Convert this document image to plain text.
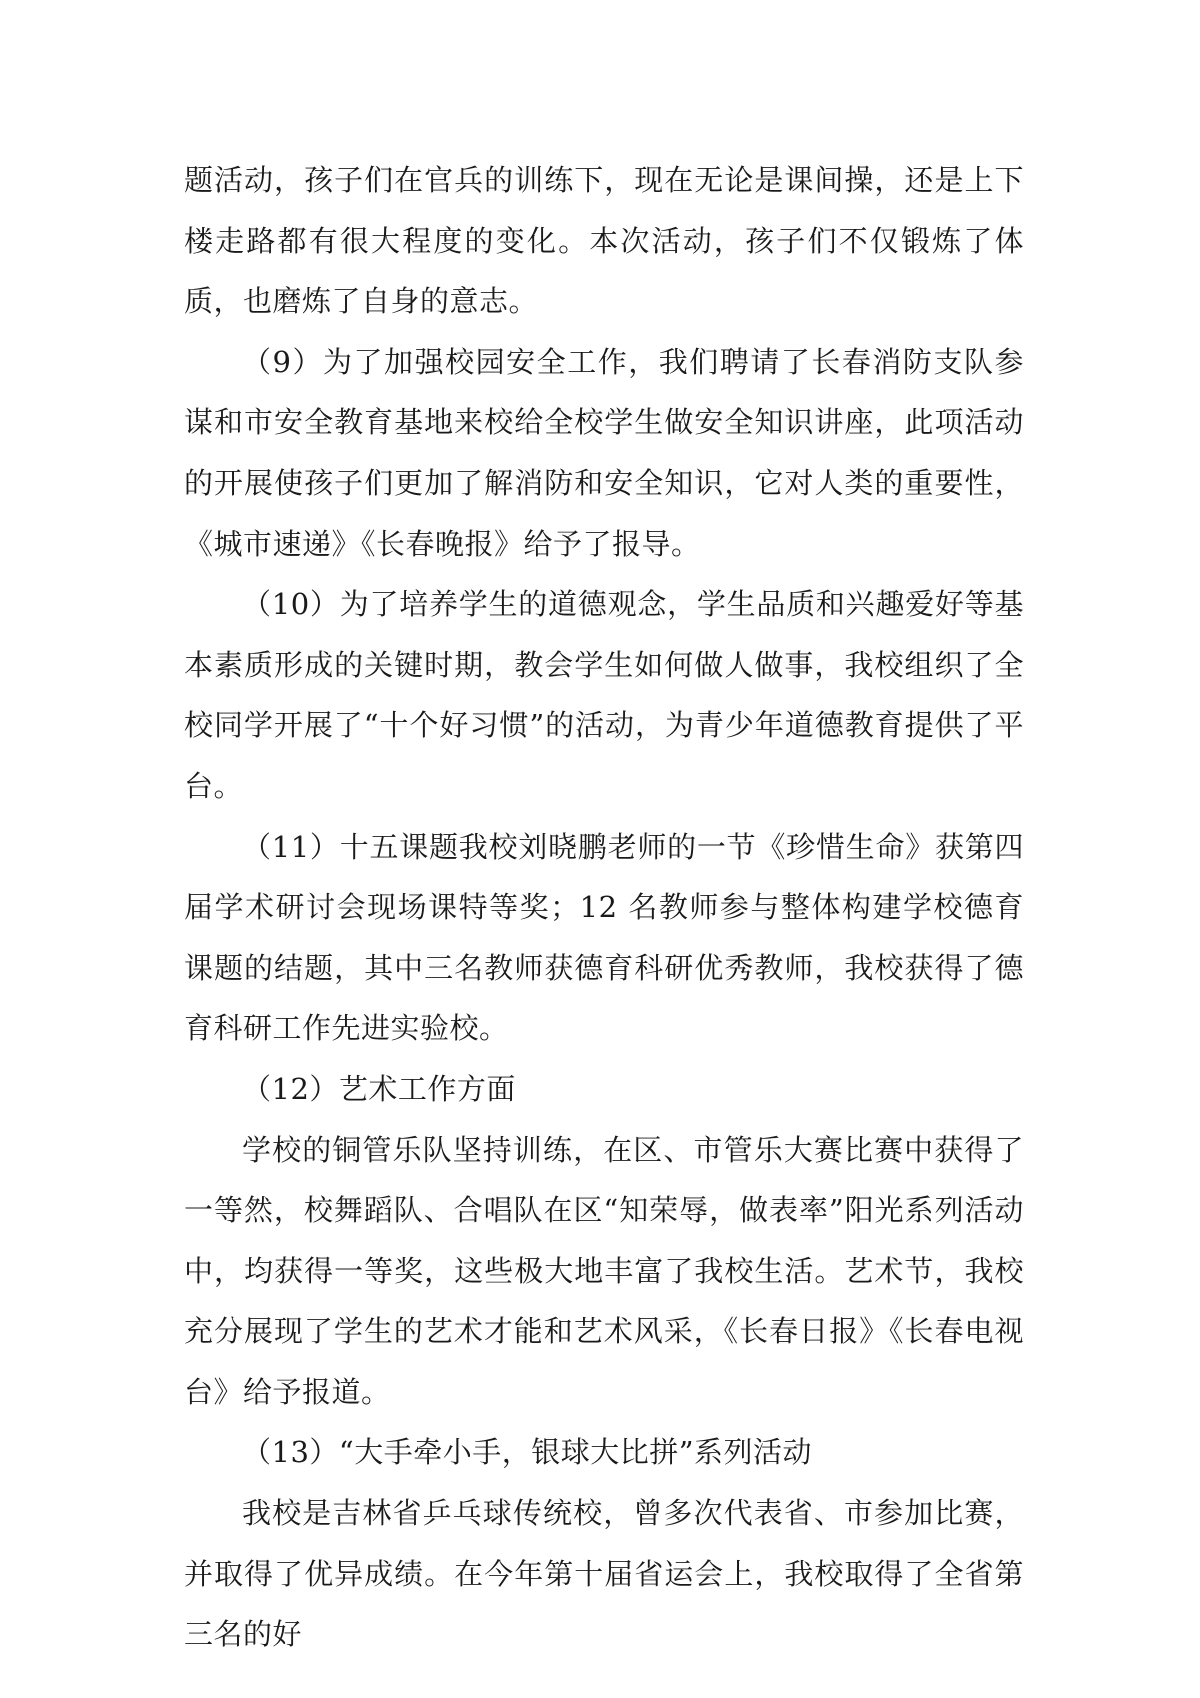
题活动，孩子们在官兵的训练下，现在无论是课间操，还是上下楼走路都有很大程度的变化。本次活动，孩子们不仅锻炼了体质，也磨炼了自身的意志。

（9）为了加强校园安全工作，我们聘请了长春消防支队参谋和市安全教育基地来校给全校学生做安全知识讲座，此项活动的开展使孩子们更加了解消防和安全知识，它对人类的重要性，《城市速递》《长春晚报》给予了报导。

（10）为了培养学生的道德观念，学生品质和兴趣爱好等基本素质形成的关键时期，教会学生如何做人做事，我校组织了全校同学开展了“十个好习惯”的活动，为青少年道德教育提供了平台。

（11）十五课题我校刘晓鹏老师的一节《珍惜生命》获第四届学术研讨会现场课特等奖；12 名教师参与整体构建学校德育课题的结题，其中三名教师获德育科研优秀教师，我校获得了德育科研工作先进实验校。

（12）艺术工作方面

学校的铜管乐队坚持训练，在区、市管乐大赛比赛中获得了一等然，校舞蹈队、合唱队在区“知荣辱，做表率”阳光系列活动中，均获得一等奖，这些极大地丰富了我校生活。艺术节，我校充分展现了学生的艺术才能和艺术风采，《长春日报》《长春电视台》给予报道。

（13）“大手牵小手，银球大比拼”系列活动

我校是吉林省乒乓球传统校，曾多次代表省、市参加比赛，并取得了优异成绩。在今年第十届省运会上，我校取得了全省第三名的好
